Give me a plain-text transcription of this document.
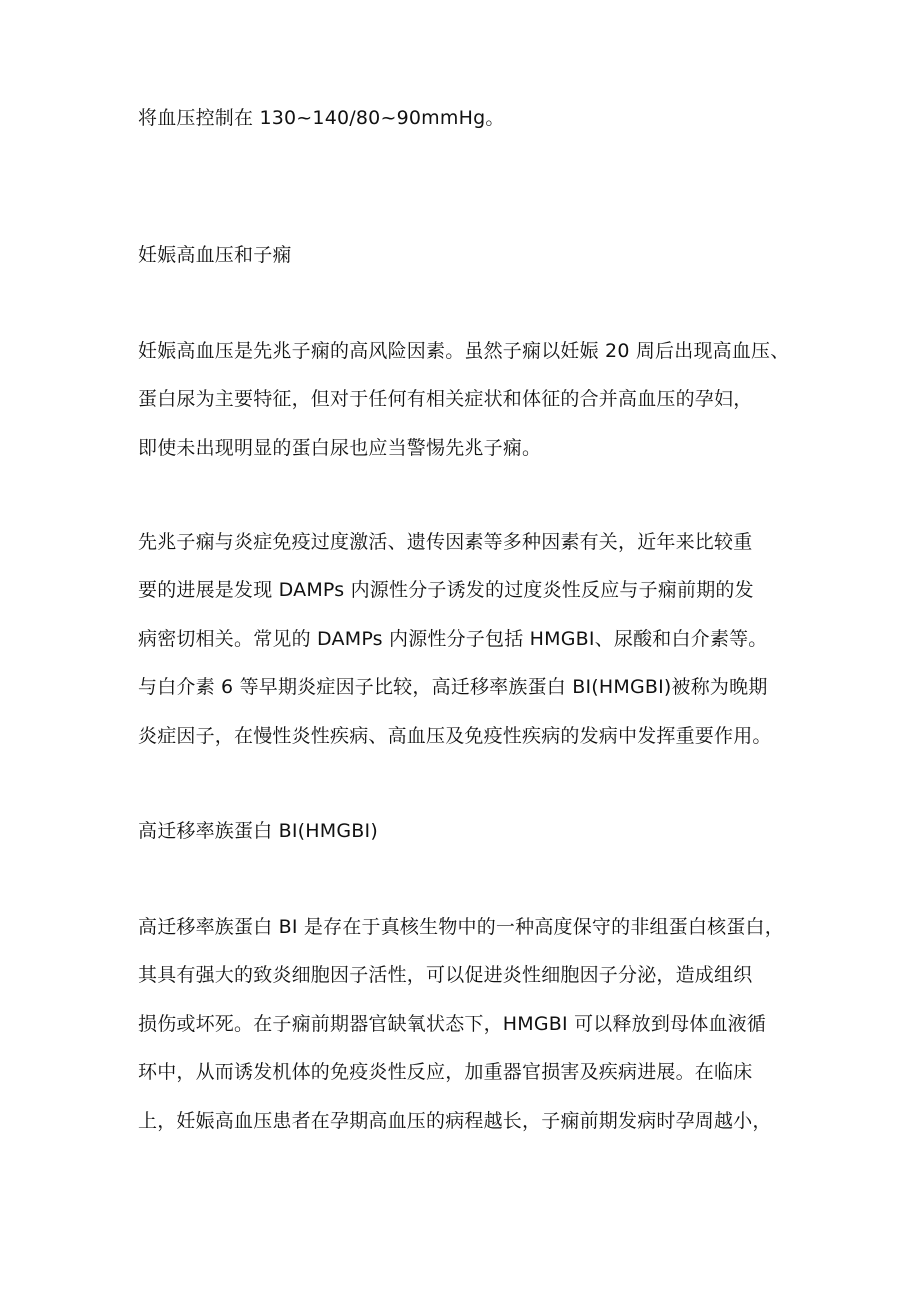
将血压控制在 130~140/80~90mmHg。
妊娠高血压和子痫
妊娠高血压是先兆子痫的高风险因素。虽然子痫以妊娠 20 周后出现高血压、
蛋白尿为主要特征，但对于任何有相关症状和体征的合并高血压的孕妇，
即使未出现明显的蛋白尿也应当警惕先兆子痫。
先兆子痫与炎症免疫过度激活、遗传因素等多种因素有关，近年来比较重
要的进展是发现 DAMPs 内源性分子诱发的过度炎性反应与子痫前期的发
病密切相关。常见的 DAMPs 内源性分子包括 HMGBI、尿酸和白介素等。
与白介素 6 等早期炎症因子比较，高迁移率族蛋白 BI(HMGBI)被称为晚期
炎症因子，在慢性炎性疾病、高血压及免疫性疾病的发病中发挥重要作用。
高迁移率族蛋白 BI(HMGBI)
高迁移率族蛋白 BI 是存在于真核生物中的一种高度保守的非组蛋白核蛋白，
其具有强大的致炎细胞因子活性，可以促进炎性细胞因子分泌，造成组织
损伤或坏死。在子痫前期器官缺氧状态下，HMGBI 可以释放到母体血液循
环中，从而诱发机体的免疫炎性反应，加重器官损害及疾病进展。在临床
上，妊娠高血压患者在孕期高血压的病程越长，子痫前期发病时孕周越小，
